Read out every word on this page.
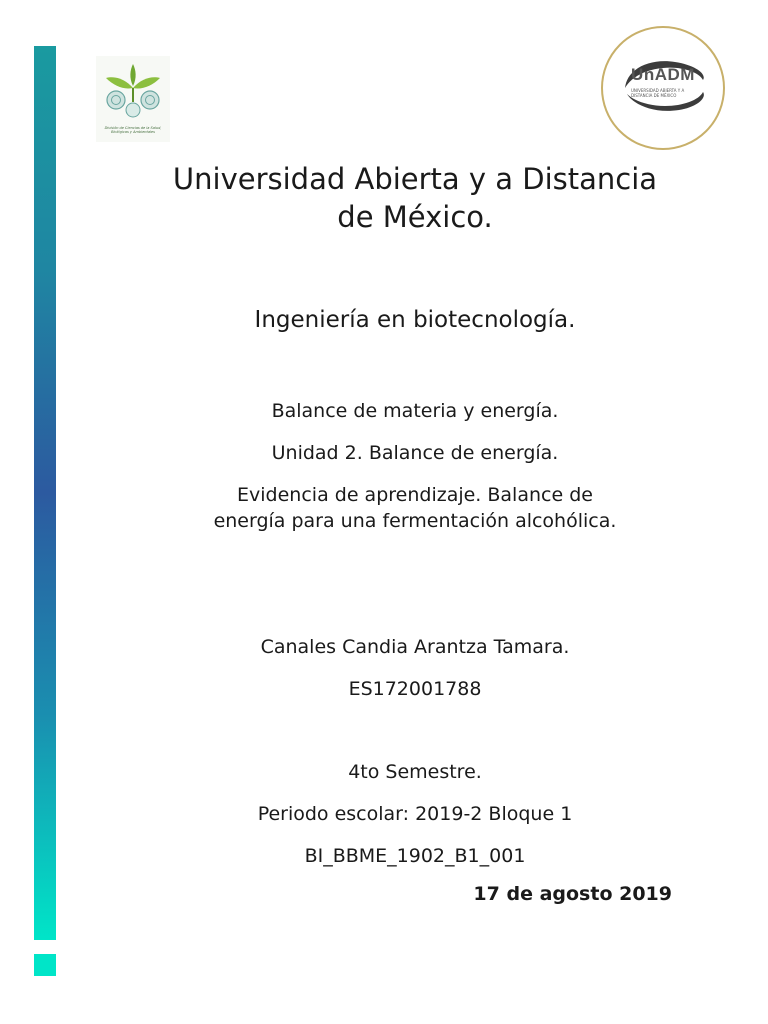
División de Ciencias de la Salud, Biológicas y Ambientales
UnADM
UNIVERSIDAD ABIERTA Y A DISTANCIA DE MÉXICO
Universidad Abierta y a Distancia
de México.
Ingeniería en biotecnología.
Balance de materia y energía.
Unidad 2. Balance de energía.
Evidencia de aprendizaje. Balance de
energía para una fermentación alcohólica.
Canales Candia Arantza Tamara.
ES172001788
4to Semestre.
Periodo escolar: 2019-2 Bloque 1
BI_BBME_1902_B1_001
17 de agosto 2019
